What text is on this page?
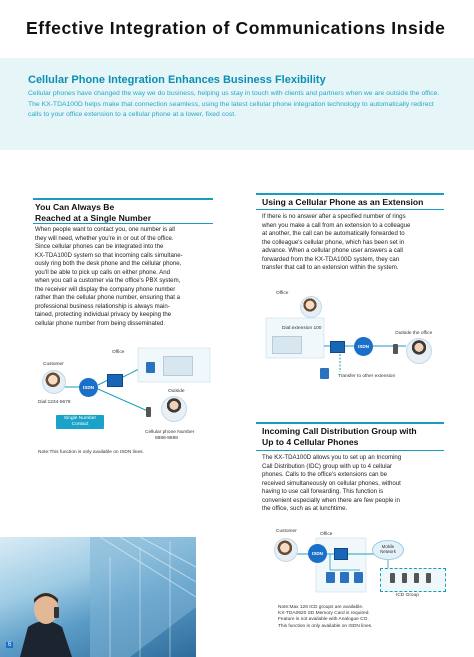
Effective Integration of Communications Inside
Cellular Phone Integration Enhances Business Flexibility
Cellular phones have changed the way we do business, helping us stay in touch with clients and partners when we are outside the office. The KX-TDA100D helps make that connection seamless, using the latest cellular phone integration technology to automatically redirect calls to your office extension to a cellular phone at a lower, fixed cost.
You Can Always Be
Reached at a Single Number
When people want to contact you, one number is all
they will need, whether you're in or out of the office.
Since cellular phones can be integrated into the
KX-TDA100D system so that incoming calls simultane-
ously ring both the desk phone and the cellular phone,
you'll be able to pick up calls on either phone. And
when you call a customer via the office's PBX system,
the receiver will display the company phone number
rather than the cellular phone number, ensuring that a
professional business relationship is always main-
tained, protecting individual privacy by keeping the
cellular phone number from being disseminated.
Office
Customer
Dial:1234-5678
ISDN
Outside
Single Number
Contact
Cellular phone Number
8888-8888
Note:This function is only available on ISDN lines.
Using a Cellular Phone as an Extension
If there is no answer after a specified number of rings
when you make a call from an extension to a colleague
at another, the call can be automatically forwarded to
the colleague's cellular phone, which has been set in
advance. When a cellular phone user answers a call
forwarded from the KX-TDA100D system, they can
transfer that call to an extension within the system.
Office
Dial:extension 100
ISDN
Outside the office
Transfer to other extension
Incoming Call Distribution Group with
Up to 4 Cellular Phones
The KX-TDA100D allows you to set up an Incoming
Call Distribution (IDC) group with up to 4 cellular
phones. Calls to the office's extensions can be
received simultaneously on cellular phones, without
having to use call forwarding. This function is
convenient especially when there are few people in
the office, such as at lunchtime.
Customer
Office
ISDN
Mobile
Network
ICD Group
Note:Max 128 ICD groups are available.
KX-TDA0920 SD Memory Card is required.
Feature is not available with Analogue CO.
This function is only available on ISDN lines.
6
